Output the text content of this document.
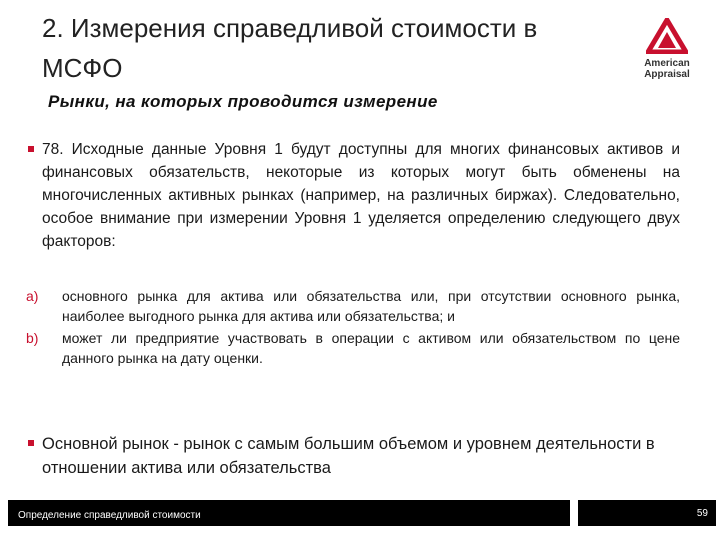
2. Измерения справедливой стоимости в МСФО	American
Appraisal
Рынки, на которых проводится измерение
78. Исходные данные Уровня 1 будут доступны для многих финансовых активов и финансовых обязательств, некоторые из которых могут быть обменены на многочисленных активных рынках (например, на различных биржах). Следовательно, особое внимание при измерении Уровня 1 уделяется определению следующего двух факторов:
a) основного рынка для актива или обязательства или, при отсутствии основного рынка, наиболее выгодного рынка для актива или обязательства; и
b) может ли предприятие участвовать в операции с активом или обязательством по цене данного рынка на дату оценки.
Основной рынок - рынок с самым большим объемом и уровнем деятельности в отношении актива или обязательства
Определение справедливой стоимости	59
